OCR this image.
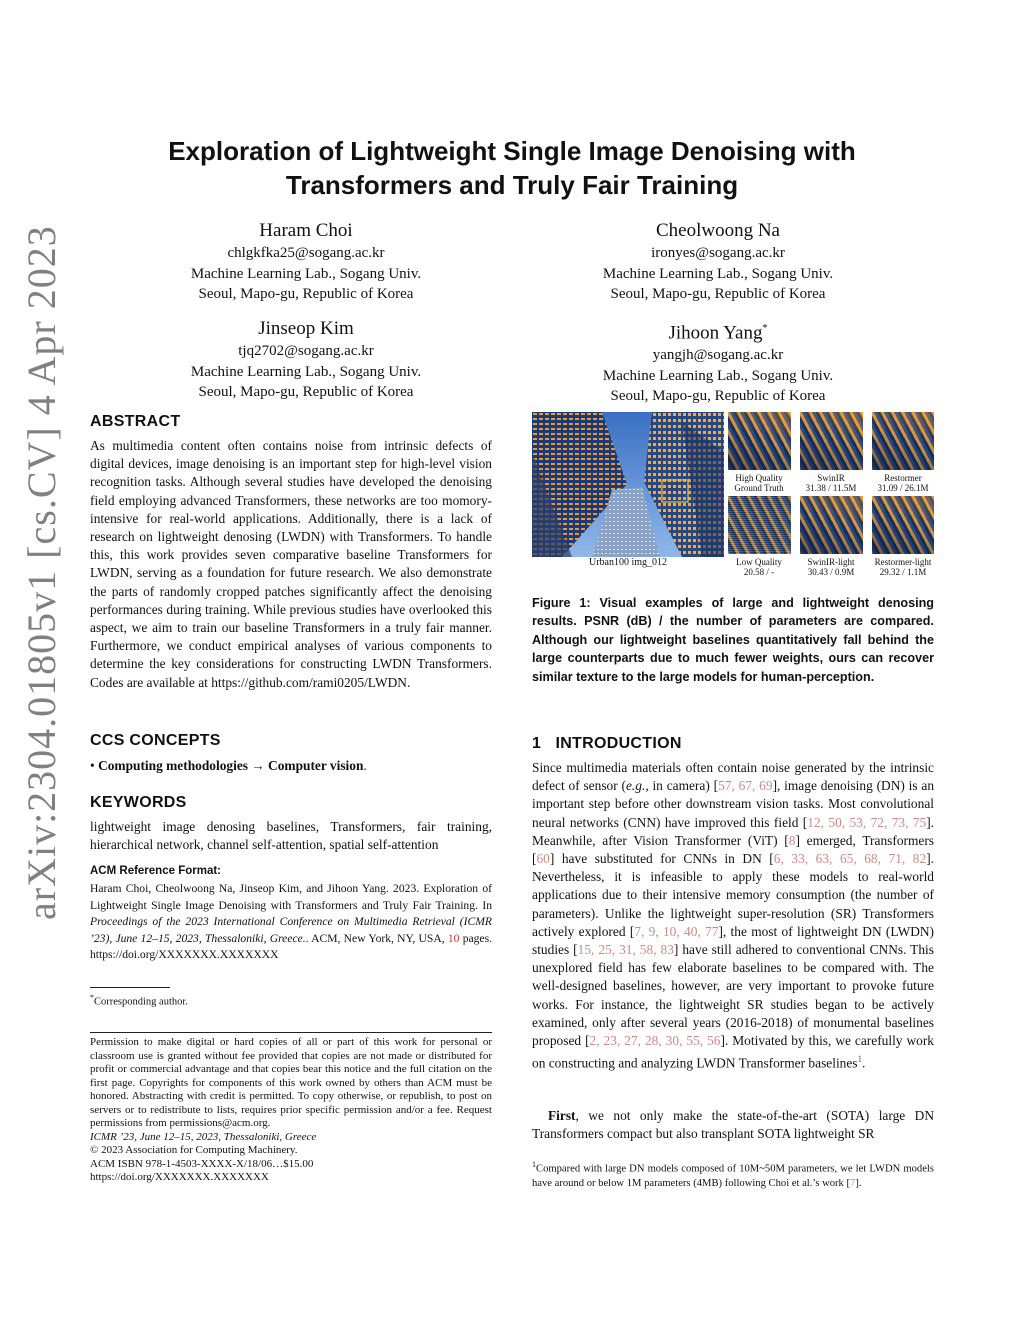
arXiv:2304.01805v1 [cs.CV] 4 Apr 2023
Exploration of Lightweight Single Image Denoising with
Transformers and Truly Fair Training
Haram Choi
chlgkfka25@sogang.ac.kr
Machine Learning Lab., Sogang Univ.
Seoul, Mapo-gu, Republic of Korea
Cheolwoong Na
ironyes@sogang.ac.kr
Machine Learning Lab., Sogang Univ.
Seoul, Mapo-gu, Republic of Korea
Jinseop Kim
tjq2702@sogang.ac.kr
Machine Learning Lab., Sogang Univ.
Seoul, Mapo-gu, Republic of Korea
Jihoon Yang*
yangjh@sogang.ac.kr
Machine Learning Lab., Sogang Univ.
Seoul, Mapo-gu, Republic of Korea
ABSTRACT
As multimedia content often contains noise from intrinsic defects of digital devices, image denoising is an important step for high-level vision recognition tasks. Although several studies have developed the denoising field employing advanced Transformers, these networks are too momory-intensive for real-world applications. Additionally, there is a lack of research on lightweight denosing (LWDN) with Transformers. To handle this, this work provides seven comparative baseline Transformers for LWDN, serving as a foundation for future research. We also demonstrate the parts of randomly cropped patches significantly affect the denoising performances during training. While previous studies have overlooked this aspect, we aim to train our baseline Transformers in a truly fair manner. Furthermore, we conduct empirical analyses of various components to determine the key considerations for constructing LWDN Transformers. Codes are available at https://github.com/rami0205/LWDN.
CCS CONCEPTS
• Computing methodologies → Computer vision.
KEYWORDS
lightweight image denosing baselines, Transformers, fair training, hierarchical network, channel self-attention, spatial self-attention
ACM Reference Format:
Haram Choi, Cheolwoong Na, Jinseop Kim, and Jihoon Yang. 2023. Exploration of Lightweight Single Image Denoising with Transformers and Truly Fair Training. In Proceedings of the 2023 International Conference on Multimedia Retrieval (ICMR ’23), June 12–15, 2023, Thessaloniki, Greece.. ACM, New York, NY, USA, 10 pages. https://doi.org/XXXXXXX.XXXXXXX
*Corresponding author.
Permission to make digital or hard copies of all or part of this work for personal or classroom use is granted without fee provided that copies are not made or distributed for profit or commercial advantage and that copies bear this notice and the full citation on the first page. Copyrights for components of this work owned by others than ACM must be honored. Abstracting with credit is permitted. To copy otherwise, or republish, to post on servers or to redistribute to lists, requires prior specific permission and/or a fee. Request permissions from permissions@acm.org.
ICMR ’23, June 12–15, 2023, Thessaloniki, Greece
© 2023 Association for Computing Machinery.
ACM ISBN 978-1-4503-XXXX-X/18/06…$15.00
https://doi.org/XXXXXXX.XXXXXXX
Urban100 img_012
High Quality
Ground Truth
SwinIR
31.38 / 11.5M
Restormer
31.09 / 26.1M
Low Quality
20.58 / -
SwinIR-light
30.43 / 0.9M
Restormer-light
29.32 / 1.1M
Figure 1: Visual examples of large and lightweight denosing results. PSNR (dB) / the number of parameters are compared. Although our lightweight baselines quantitatively fall behind the large counterparts due to much fewer weights, ours can recover similar texture to the large models for human-perception.
1 INTRODUCTION
Since multimedia materials often contain noise generated by the intrinsic defect of sensor (e.g., in camera) [57, 67, 69], image denoising (DN) is an important step before other downstream vision tasks. Most convolutional neural networks (CNN) have improved this field [12, 50, 53, 72, 73, 75]. Meanwhile, after Vision Transformer (ViT) [8] emerged, Transformers [60] have substituted for CNNs in DN [6, 33, 63, 65, 68, 71, 82]. Nevertheless, it is infeasible to apply these models to real-world applications due to their intensive memory consumption (the number of parameters). Unlike the lightweight super-resolution (SR) Transformers actively explored [7, 9, 10, 40, 77], the most of lightweight DN (LWDN) studies [15, 25, 31, 58, 83] have still adhered to conventional CNNs. This unexplored field has few elaborate baselines to be compared with. The well-designed baselines, however, are very important to provoke future works. For instance, the lightweight SR studies began to be actively examined, only after several years (2016-2018) of monumental baselines proposed [2, 23, 27, 28, 30, 55, 56]. Motivated by this, we carefully work on constructing and analyzing LWDN Transformer baselines$^1$.
First, we not only make the state-of-the-art (SOTA) large DN Transformers compact but also transplant SOTA lightweight SR
$^1$Compared with large DN models composed of 10M~50M parameters, we let LWDN models have around or below 1M parameters (4MB) following Choi et al.’s work [7].
